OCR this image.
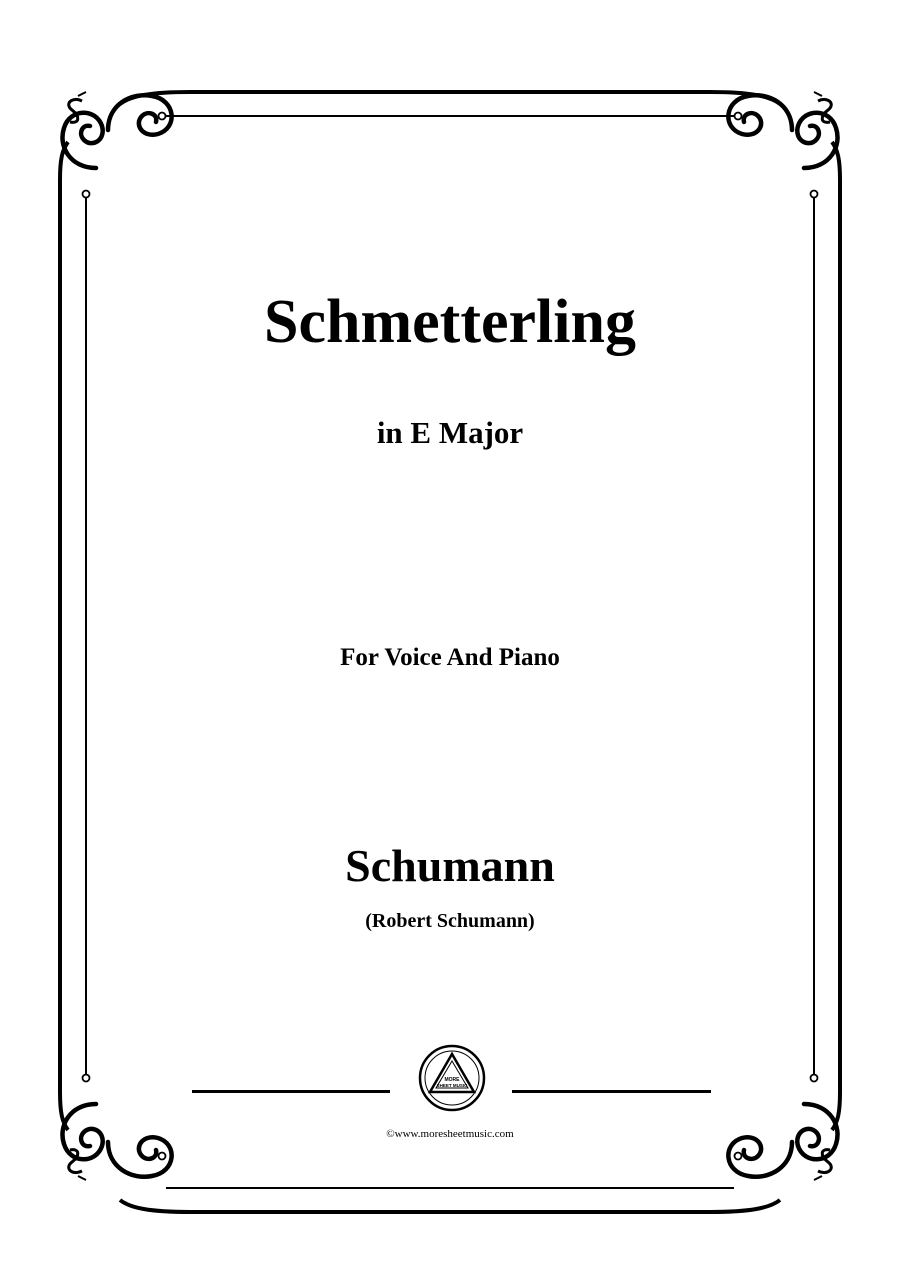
Schmetterling
in E Major
For Voice And Piano
Schumann
(Robert Schumann)
MORE
SHEET MUSIC
©www.moresheetmusic.com
